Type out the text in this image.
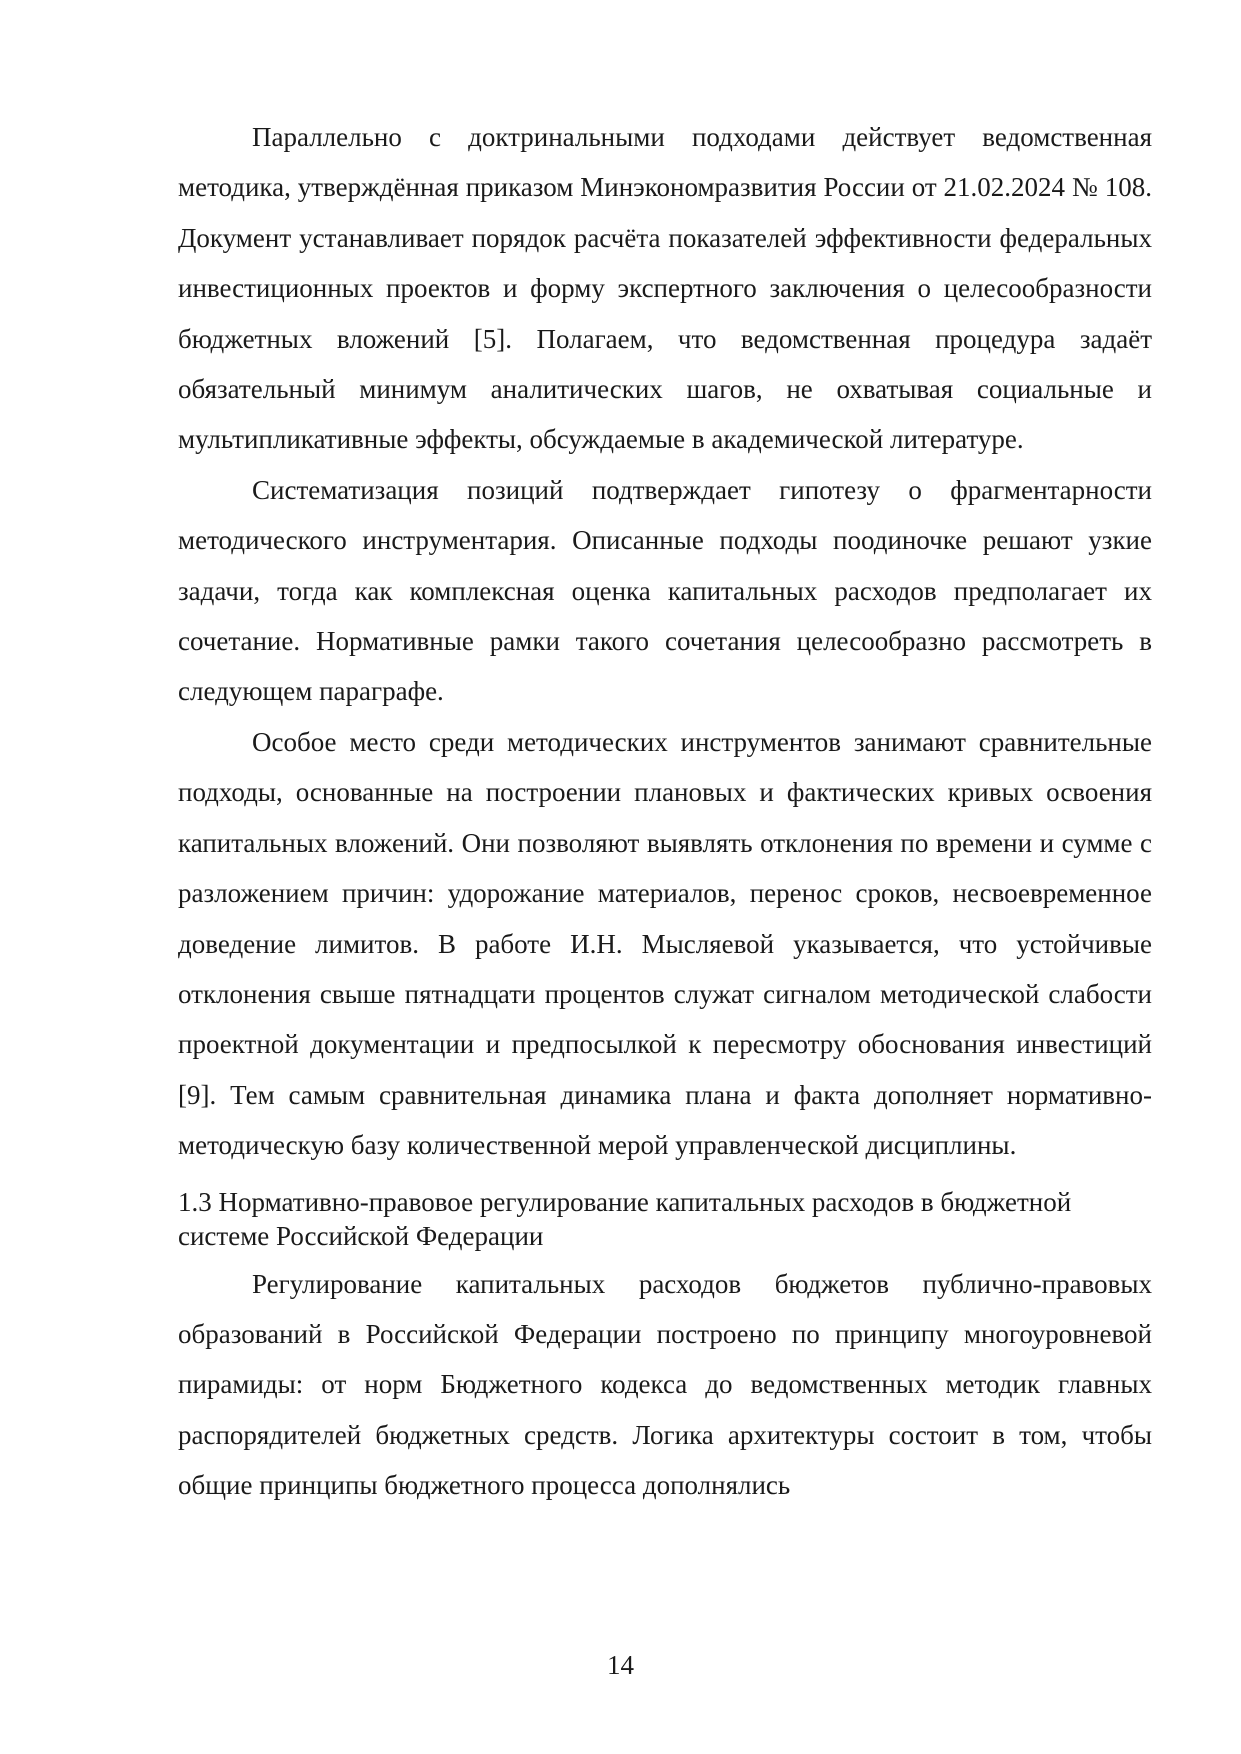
Параллельно с доктринальными подходами действует ведомственная методика, утверждённая приказом Минэкономразвития России от 21.02.2024 № 108. Документ устанавливает порядок расчёта показателей эффективности федеральных инвестиционных проектов и форму экспертного заключения о целесообразности бюджетных вложений [5]. Полагаем, что ведомственная процедура задаёт обязательный минимум аналитических шагов, не охватывая социальные и мультипликативные эффекты, обсуждаемые в академической литературе.

Систематизация позиций подтверждает гипотезу о фрагментарности методического инструментария. Описанные подходы поодиночке решают узкие задачи, тогда как комплексная оценка капитальных расходов предполагает их сочетание. Нормативные рамки такого сочетания целесообразно рассмотреть в следующем параграфе.

Особое место среди методических инструментов занимают сравнительные подходы, основанные на построении плановых и фактических кривых освоения капитальных вложений. Они позволяют выявлять отклонения по времени и сумме с разложением причин: удорожание материалов, перенос сроков, несвоевременное доведение лимитов. В работе И.Н. Мысляевой указывается, что устойчивые отклонения свыше пятнадцати процентов служат сигналом методической слабости проектной документации и предпосылкой к пересмотру обоснования инвестиций [9]. Тем самым сравнительная динамика плана и факта дополняет нормативно-методическую базу количественной мерой управленческой дисциплины.

1.3 Нормативно-правовое регулирование капитальных расходов в бюджетной системе Российской Федерации

Регулирование капитальных расходов бюджетов публично-правовых образований в Российской Федерации построено по принципу многоуровневой пирамиды: от норм Бюджетного кодекса до ведомственных методик главных распорядителей бюджетных средств. Логика архитектуры состоит в том, чтобы общие принципы бюджетного процесса дополнялись

14
